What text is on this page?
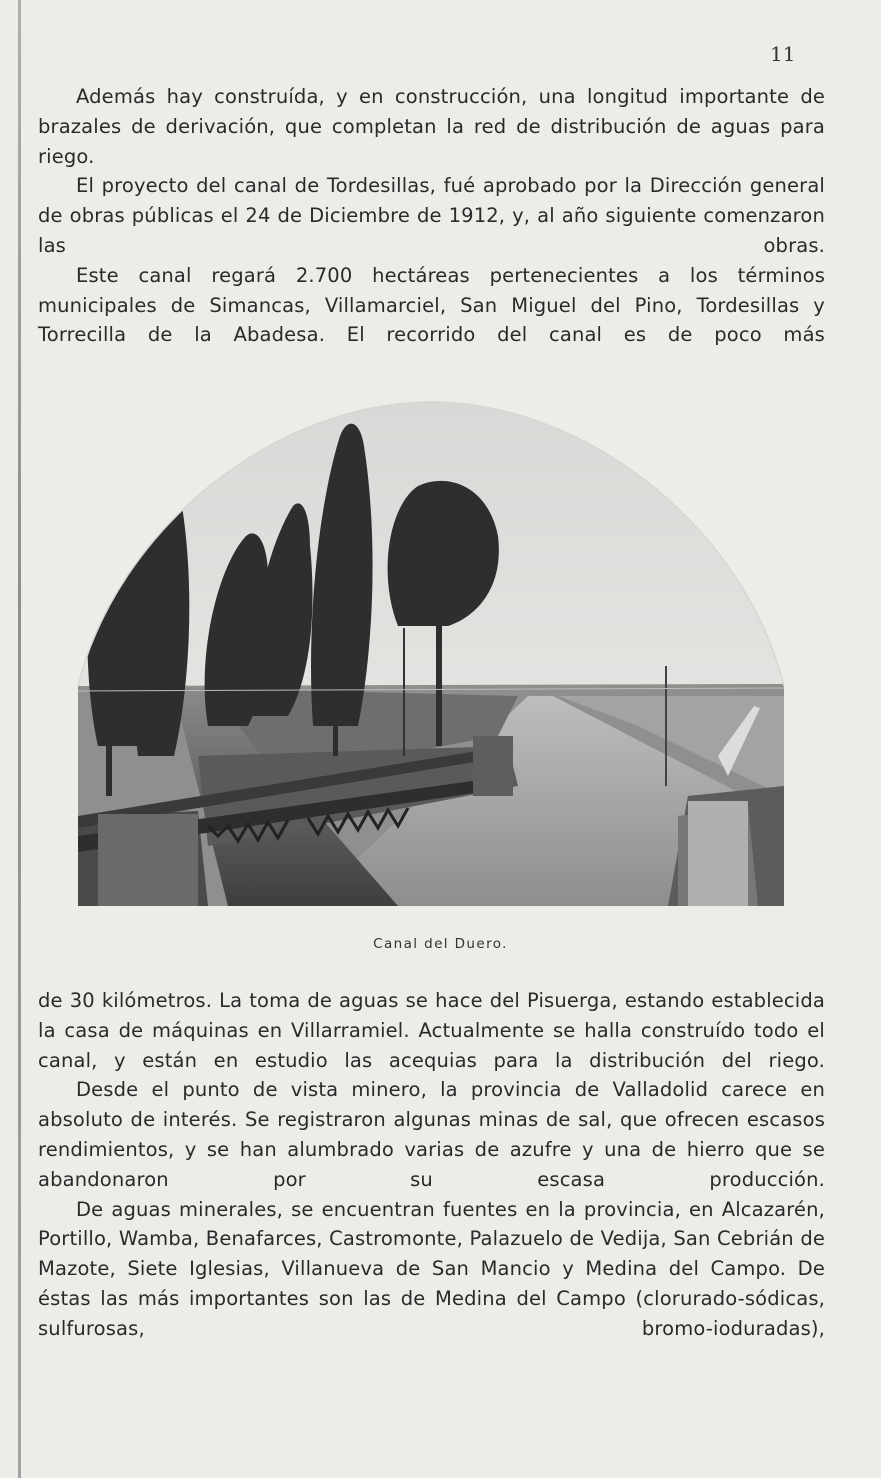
11

Además hay construída, y en construcción, una longitud importante de brazales de derivación, que completan la red de distribución de aguas para riego.

El proyecto del canal de Tordesillas, fué aprobado por la Dirección general de obras públicas el 24 de Diciembre de 1912, y, al año siguiente comenzaron las obras.

Este canal regará 2.700 hectáreas pertenecientes a los términos municipales de Simancas, Villamarciel, San Miguel del Pino, Tordesillas y Torrecilla de la Abadesa. El recorrido del canal es de poco más

Canal del Duero.

de 30 kilómetros. La toma de aguas se hace del Pisuerga, estando establecida la casa de máquinas en Villarramiel. Actualmente se halla construído todo el canal, y están en estudio las acequias para la distribución del riego.

Desde el punto de vista minero, la provincia de Valladolid carece en absoluto de interés. Se registraron algunas minas de sal, que ofrecen escasos rendimientos, y se han alumbrado varias de azufre y una de hierro que se abandonaron por su escasa producción.

De aguas minerales, se encuentran fuentes en la provincia, en Alcazarén, Portillo, Wamba, Benafarces, Castromonte, Palazuelo de Vedija, San Cebrián de Mazote, Siete Iglesias, Villanueva de San Mancio y Medina del Campo. De éstas las más importantes son las de Medina del Campo (clorurado-sódicas, sulfurosas, bromo-ioduradas),
